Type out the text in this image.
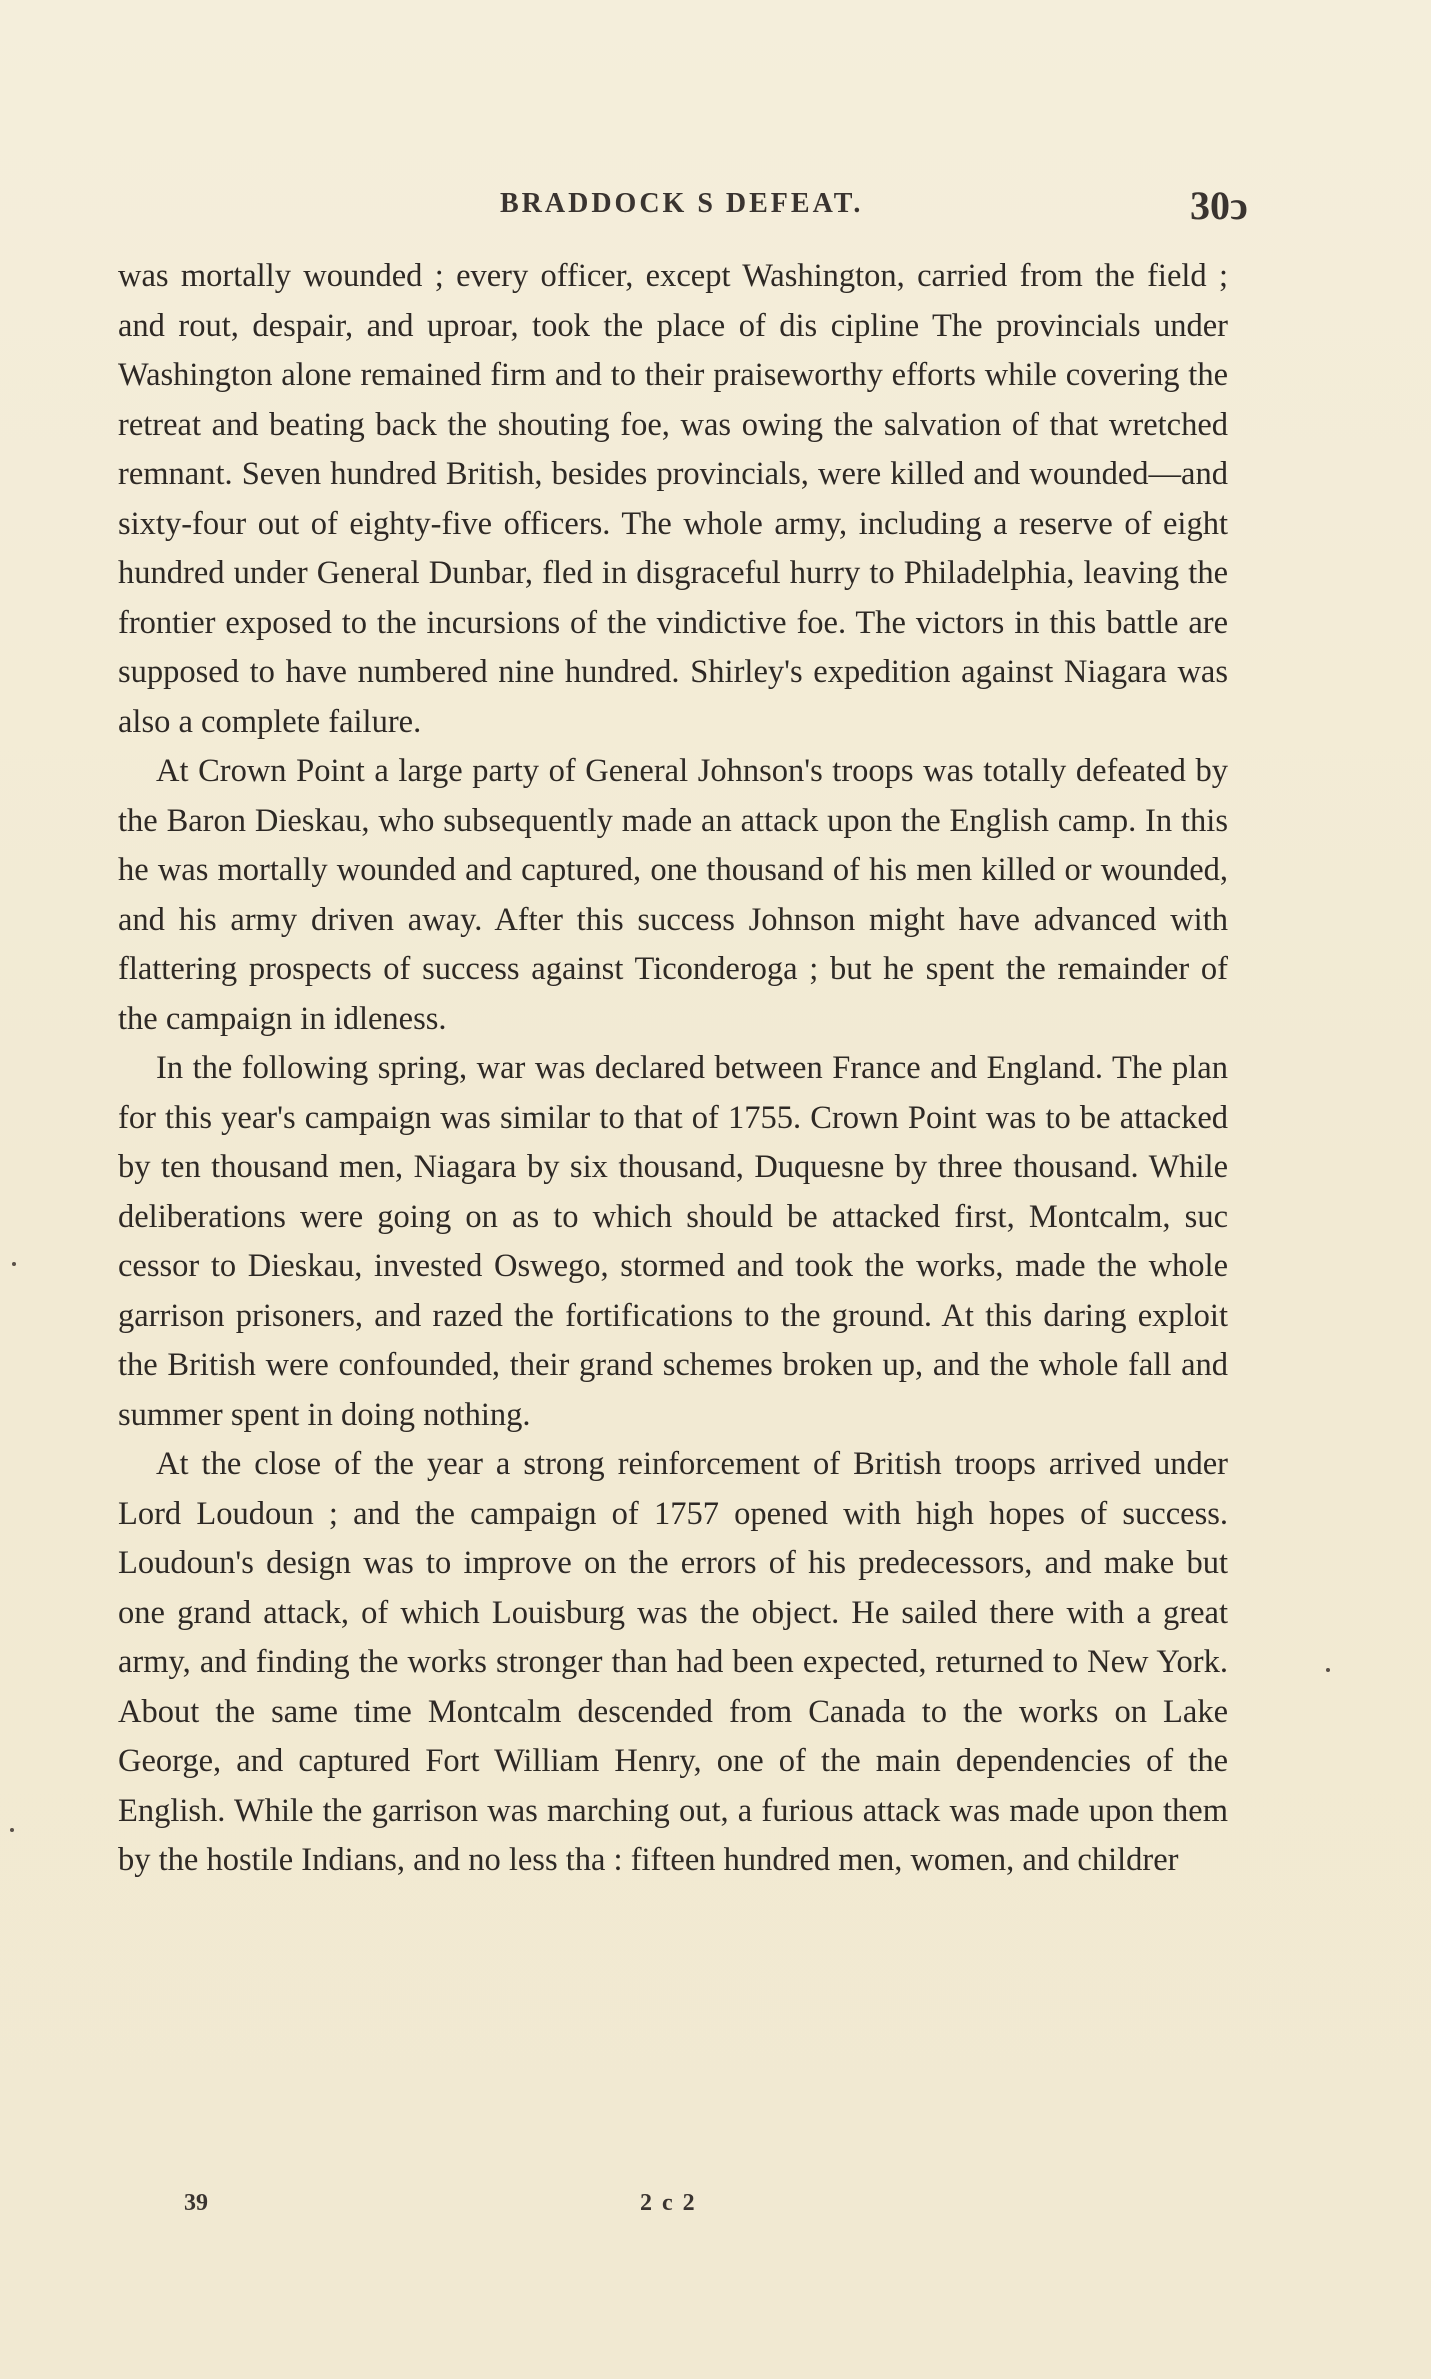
BRADDOCK S DEFEAT.	30ↄ

was mortally wounded ; every officer, except Washington, carried from the field ; and rout, despair, and uproar, took the place of dis cipline The provincials under Washington alone remained firm and to their praiseworthy efforts while covering the retreat and beating back the shouting foe, was owing the salvation of that wretched remnant. Seven hundred British, besides provincials, were killed and wounded—and sixty-four out of eighty-five officers. The whole army, including a reserve of eight hundred under General Dunbar, fled in disgraceful hurry to Philadelphia, leaving the frontier exposed to the incursions of the vindictive foe. The victors in this battle are supposed to have numbered nine hundred. Shirley's expedition against Niagara was also a complete failure.

At Crown Point a large party of General Johnson's troops was totally defeated by the Baron Dieskau, who subsequently made an attack upon the English camp. In this he was mortally wounded and captured, one thousand of his men killed or wounded, and his army driven away. After this success Johnson might have advanced with flattering prospects of success against Ticonderoga ; but he spent the remainder of the campaign in idleness.

In the following spring, war was declared between France and England. The plan for this year's campaign was similar to that of 1755. Crown Point was to be attacked by ten thousand men, Niagara by six thousand, Duquesne by three thousand. While deliberations were going on as to which should be attacked first, Montcalm, suc cessor to Dieskau, invested Oswego, stormed and took the works, made the whole garrison prisoners, and razed the fortifications to the ground. At this daring exploit the British were confounded, their grand schemes broken up, and the whole fall and summer spent in doing nothing.

At the close of the year a strong reinforcement of British troops arrived under Lord Loudoun ; and the campaign of 1757 opened with high hopes of success. Loudoun's design was to improve on the errors of his predecessors, and make but one grand attack, of which Louisburg was the object. He sailed there with a great army, and finding the works stronger than had been expected, returned to New York. About the same time Montcalm descended from Canada to the works on Lake George, and captured Fort William Henry, one of the main dependencies of the English. While the garrison was marching out, a furious attack was made upon them by the hostile Indians, and no less tha : fifteen hundred men, women, and childrer

39	2 c 2
